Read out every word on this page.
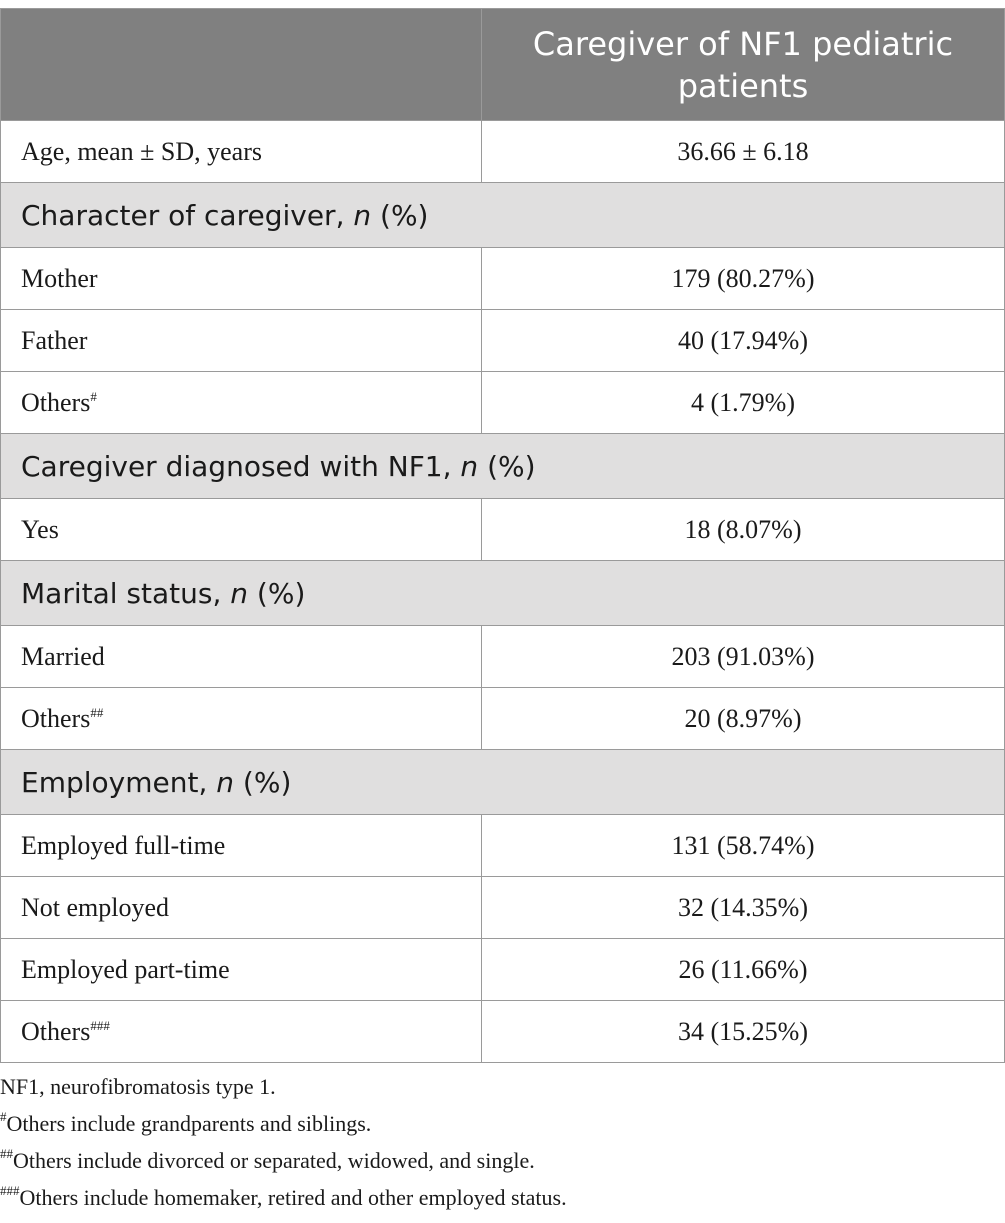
	Caregiver of NF1 pediatric patients

Age, mean ± SD, years	36.66 ± 6.18
Character of caregiver, n (%)	
Mother	179 (80.27%)
Father	40 (17.94%)
Others#	4 (1.79%)
Caregiver diagnosed with NF1, n (%)	
Yes	18 (8.07%)
Marital status, n (%)	
Married	203 (91.03%)
Others##	20 (8.97%)
Employment, n (%)	
Employed full-time	131 (58.74%)
Not employed	32 (14.35%)
Employed part-time	26 (11.66%)
Others###	34 (15.25%)
NF1, neurofibromatosis type 1.
#Others include grandparents and siblings.
##Others include divorced or separated, widowed, and single.
###Others include homemaker, retired and other employed status.
